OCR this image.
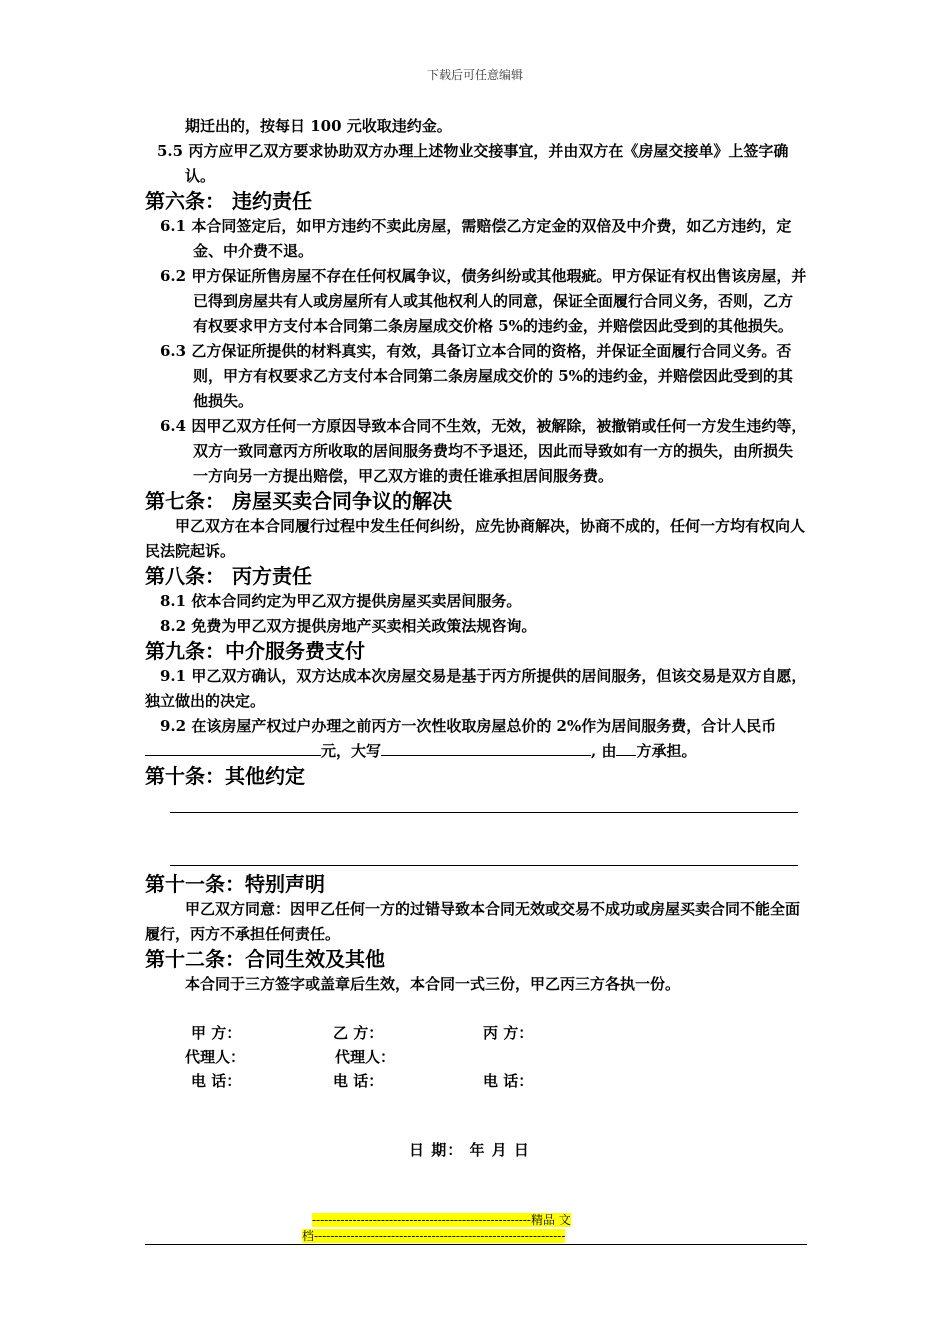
下载后可任意编辑

期迁出的，按每日 100 元收取违约金。

5.5 丙方应甲乙双方要求协助双方办理上述物业交接事宜，并由双方在《房屋交接单》上签字确认。

第六条： 违约责任

6.1 本合同签定后，如甲方违约不卖此房屋，需赔偿乙方定金的双倍及中介费，如乙方违约，定金、中介费不退。

6.2 甲方保证所售房屋不存在任何权属争议，债务纠纷或其他瑕疵。甲方保证有权出售该房屋，并已得到房屋共有人或房屋所有人或其他权利人的同意，保证全面履行合同义务，否则，乙方有权要求甲方支付本合同第二条房屋成交价格 5%的违约金，并赔偿因此受到的其他损失。

6.3 乙方保证所提供的材料真实，有效，具备订立本合同的资格，并保证全面履行合同义务。否则，甲方有权要求乙方支付本合同第二条房屋成交价的 5%的违约金，并赔偿因此受到的其他损失。

6.4 因甲乙双方任何一方原因导致本合同不生效，无效，被解除，被撤销或任何一方发生违约等，双方一致同意丙方所收取的居间服务费均不予退还，因此而导致如有一方的损失，由所损失一方向另一方提出赔偿，甲乙双方谁的责任谁承担居间服务费。

第七条： 房屋买卖合同争议的解决

甲乙双方在本合同履行过程中发生任何纠纷，应先协商解决，协商不成的，任何一方均有权向人民法院起诉。

第八条： 丙方责任

8.1 依本合同约定为甲乙双方提供房屋买卖居间服务。

8.2 免费为甲乙双方提供房地产买卖相关政策法规咨询。

第九条：中介服务费支付

9.1 甲乙双方确认，双方达成本次房屋交易是基于丙方所提供的居间服务，但该交易是双方自愿，独立做出的决定。

9.2 在该房屋产权过户办理之前丙方一次性收取房屋总价的 2%作为居间服务费，合计人民币元，大写	, 由 方承担。

第十条：其他约定

第十一条：特别声明

甲乙双方同意：因甲乙任何一方的过错导致本合同无效或交易不成功或房屋买卖合同不能全面履行，丙方不承担任何责任。

第十二条：合同生效及其他

本合同于三方签字或盖章后生效，本合同一式三份，甲乙丙三方各执一份。

甲 方：	乙 方：	丙 方：
代理人：	代理人：
电 话：	电 话：	电 话：
日 期： 年 月 日
------------------------------------------------------精品 文
档--------------------------------------------------------------
